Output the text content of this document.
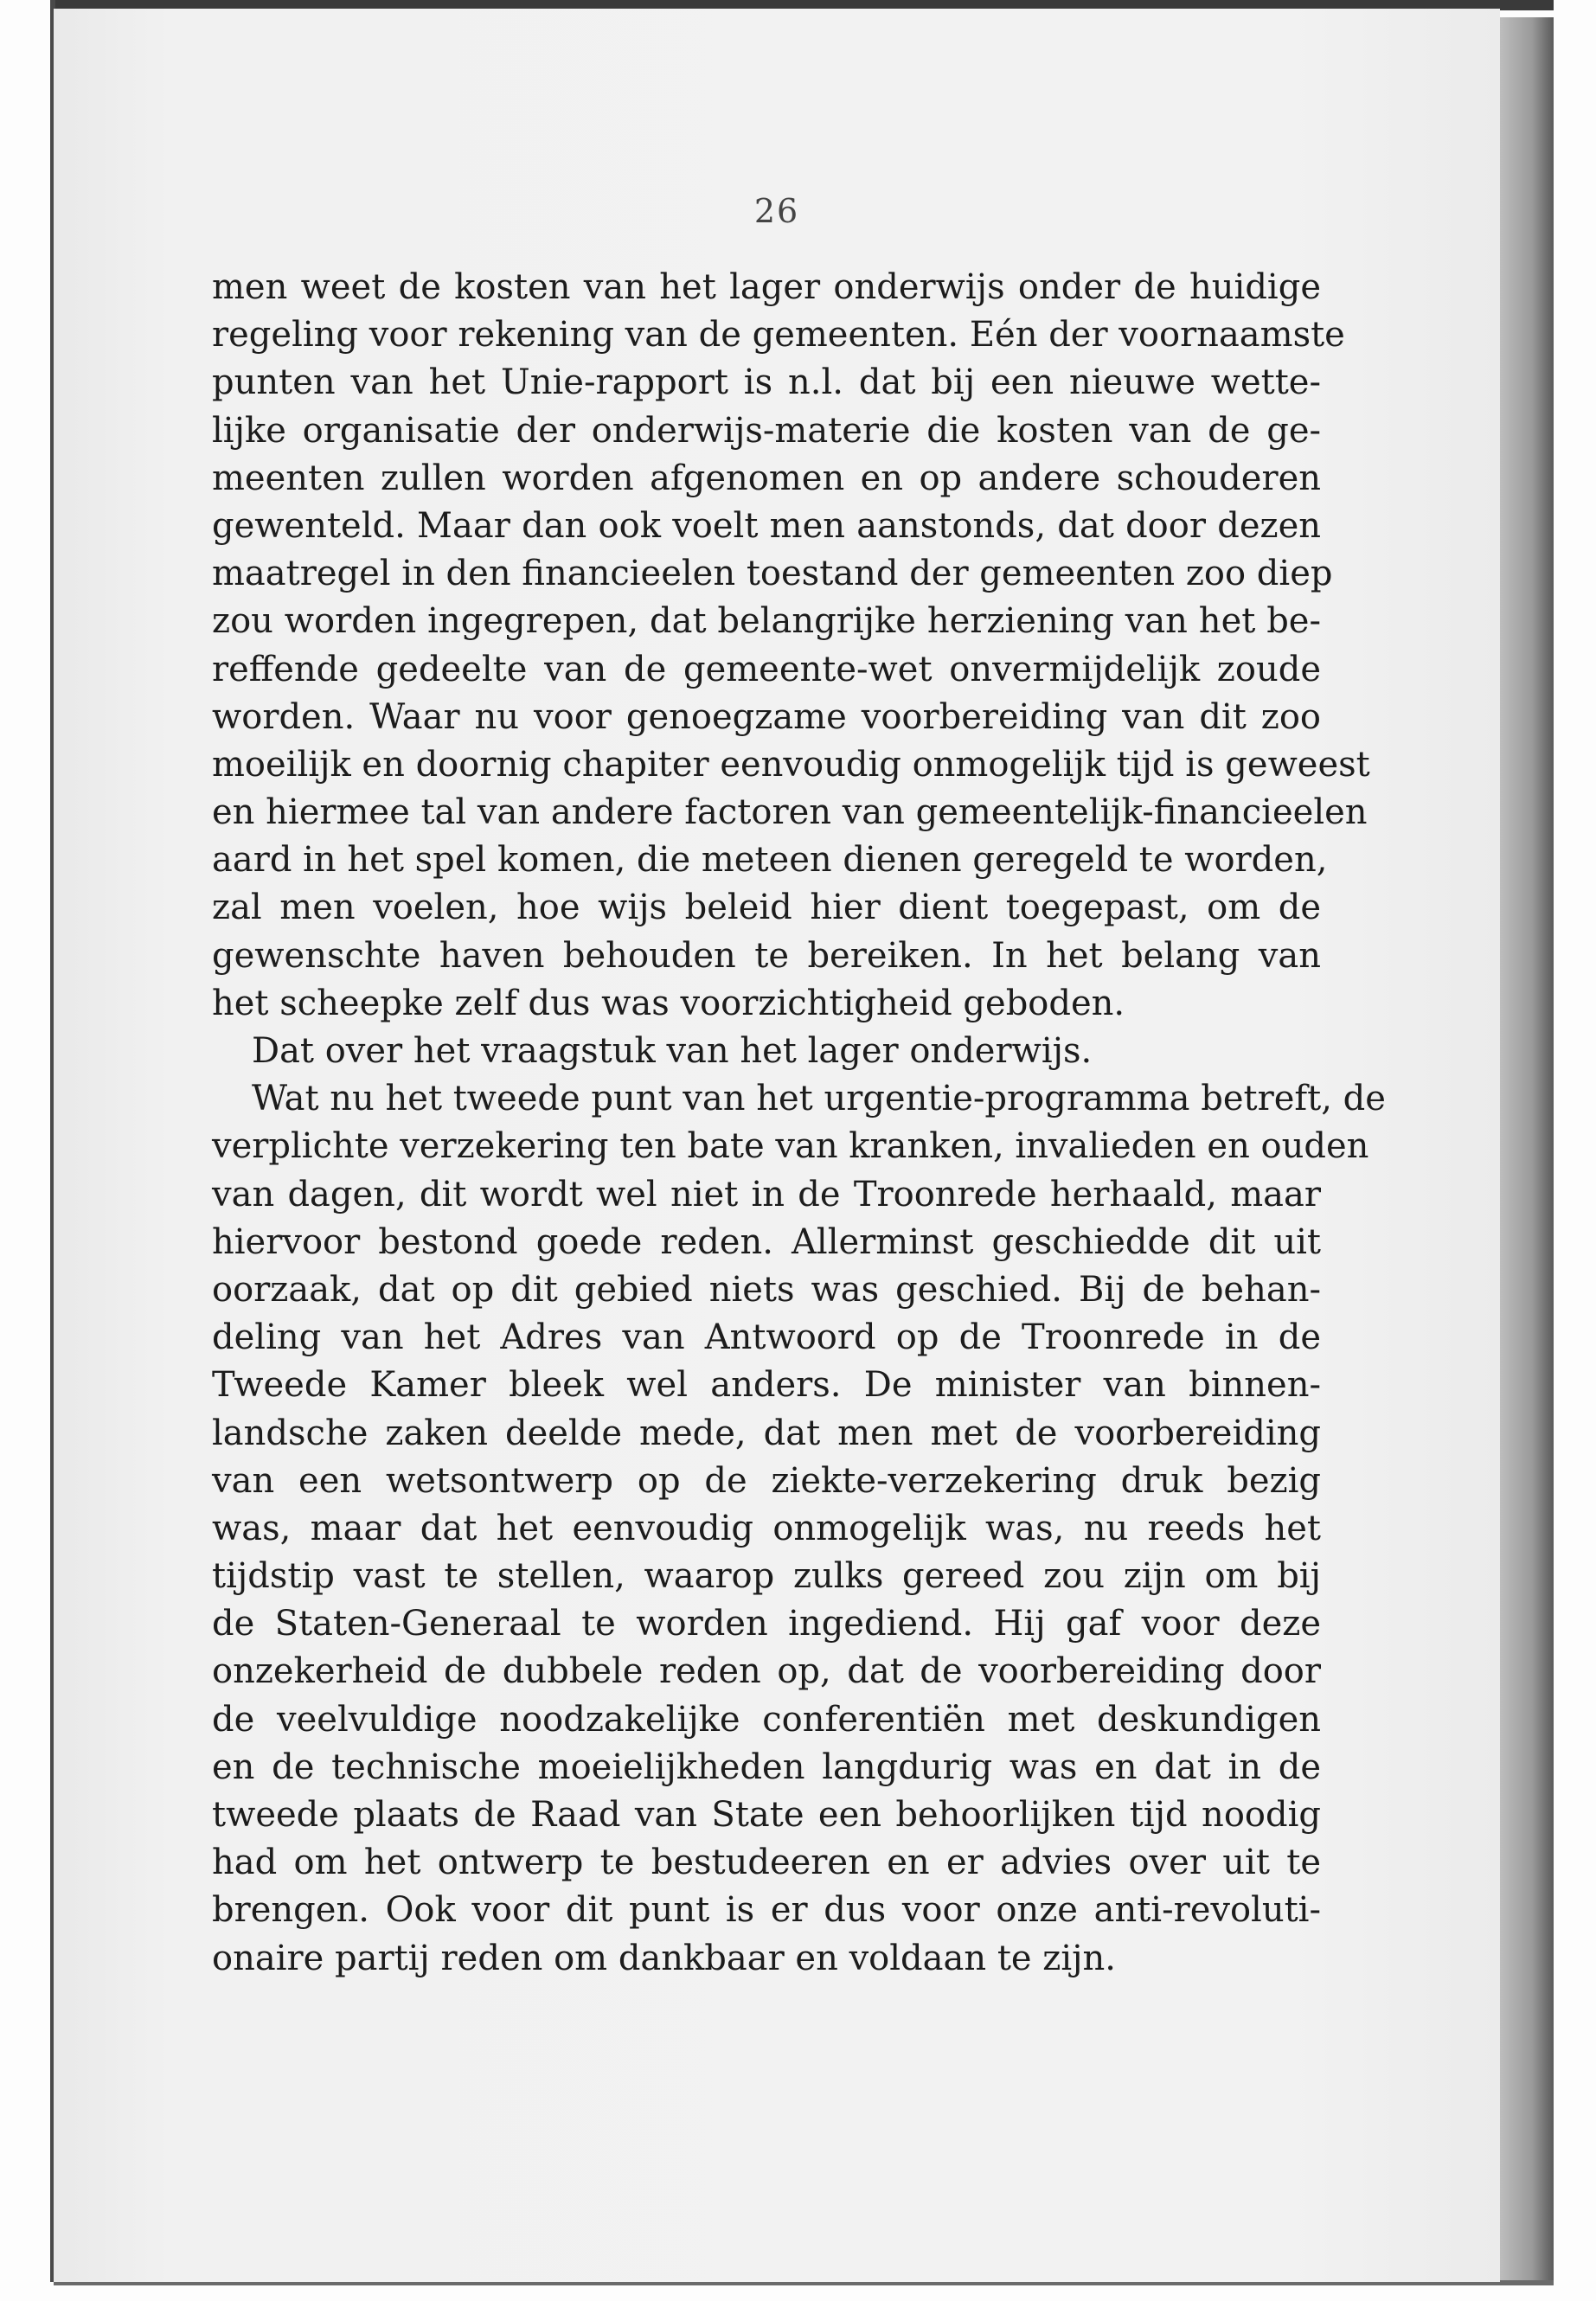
26
men weet de kosten van het lager onderwijs onder de huidige
regeling voor rekening van de gemeenten. Eén der voornaamste
punten van het Unie-rapport is n.l. dat bij een nieuwe wette-
lijke organisatie der onderwijs-materie die kosten van de ge-
meenten zullen worden afgenomen en op andere schouderen
gewenteld. Maar dan ook voelt men aanstonds, dat door dezen
maatregel in den financieelen toestand der gemeenten zoo diep
zou worden ingegrepen, dat belangrijke herziening van het be-
reffende gedeelte van de gemeente-wet onvermijdelijk zoude
worden. Waar nu voor genoegzame voorbereiding van dit zoo
moeilijk en doornig chapiter eenvoudig onmogelijk tijd is geweest
en hiermee tal van andere factoren van gemeentelijk-financieelen
aard in het spel komen, die meteen dienen geregeld te worden,
zal men voelen, hoe wijs beleid hier dient toegepast, om de
gewenschte haven behouden te bereiken. In het belang van
het scheepke zelf dus was voorzichtigheid geboden.
Dat over het vraagstuk van het lager onderwijs.
Wat nu het tweede punt van het urgentie-programma betreft, de
verplichte verzekering ten bate van kranken, invalieden en ouden
van dagen, dit wordt wel niet in de Troonrede herhaald, maar
hiervoor bestond goede reden. Allerminst geschiedde dit uit
oorzaak, dat op dit gebied niets was geschied. Bij de behan-
deling van het Adres van Antwoord op de Troonrede in de
Tweede Kamer bleek wel anders. De minister van binnen-
landsche zaken deelde mede, dat men met de voorbereiding
van een wetsontwerp op de ziekte-verzekering druk bezig
was, maar dat het eenvoudig onmogelijk was, nu reeds het
tijdstip vast te stellen, waarop zulks gereed zou zijn om bij
de Staten-Generaal te worden ingediend. Hij gaf voor deze
onzekerheid de dubbele reden op, dat de voorbereiding door
de veelvuldige noodzakelijke conferentiën met deskundigen
en de technische moeielijkheden langdurig was en dat in de
tweede plaats de Raad van State een behoorlijken tijd noodig
had om het ontwerp te bestudeeren en er advies over uit te
brengen. Ook voor dit punt is er dus voor onze anti-revoluti-
onaire partij reden om dankbaar en voldaan te zijn.
